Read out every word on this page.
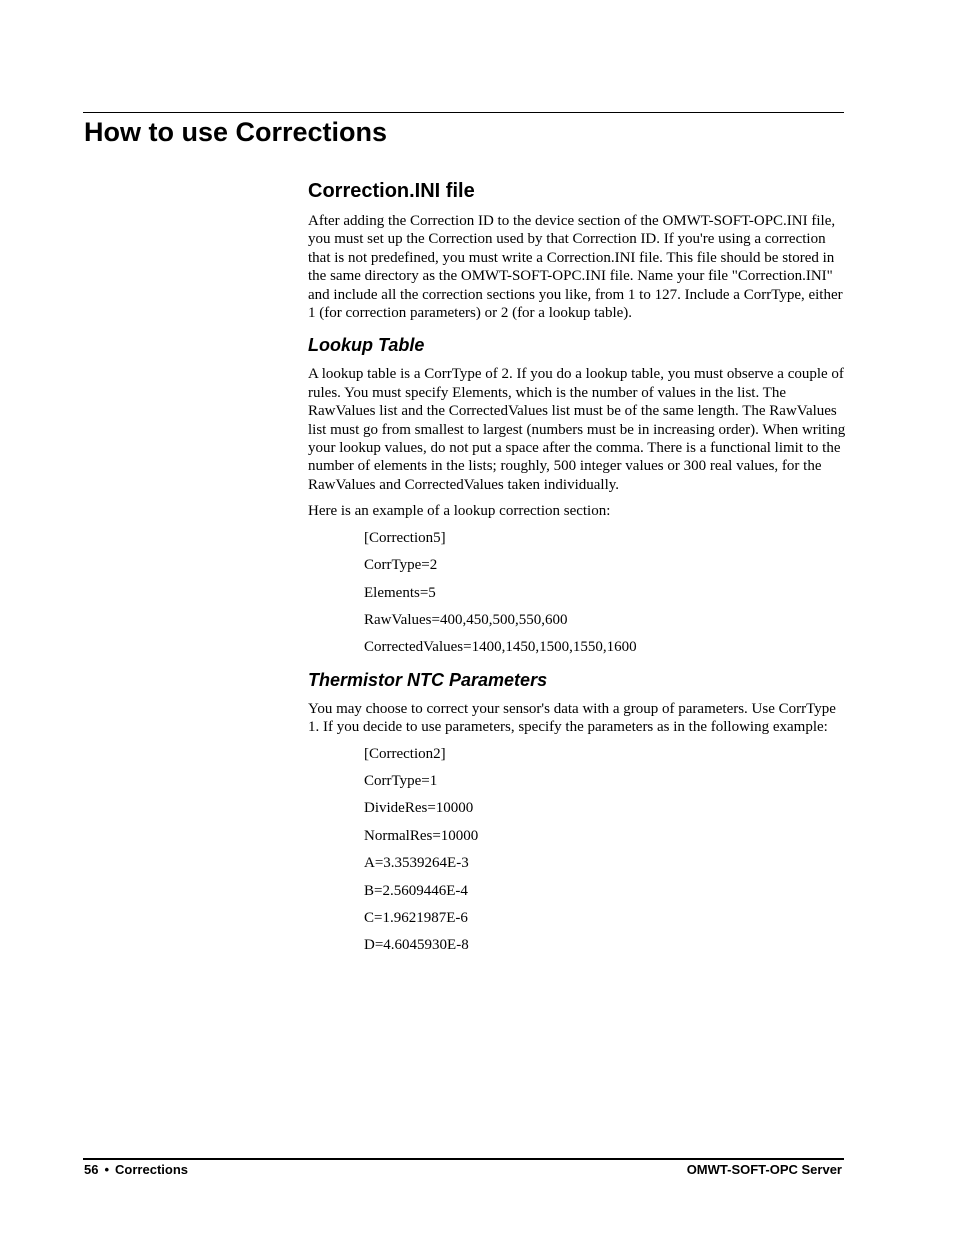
How to use Corrections
Correction.INI file

After adding the Correction ID to the device section of the OMWT-SOFT-OPC.INI file, you must set up the Correction used by that Correction ID. If you're using a correction that is not predefined, you must write a Correction.INI file. This file should be stored in the same directory as the OMWT-SOFT-OPC.INI file. Name your file "Correction.INI" and include all the correction sections you like, from 1 to 127. Include a CorrType, either 1 (for correction parameters) or 2 (for a lookup table).

Lookup Table

A lookup table is a CorrType of 2. If you do a lookup table, you must observe a couple of rules. You must specify Elements, which is the number of values in the list. The RawValues list and the CorrectedValues list must be of the same length. The RawValues list must go from smallest to largest (numbers must be in increasing order). When writing your lookup values, do not put a space after the comma. There is a functional limit to the number of elements in the lists; roughly, 500 integer values or 300 real values, for the RawValues and CorrectedValues taken individually.

Here is an example of a lookup correction section:

[Correction5]
CorrType=2
Elements=5
RawValues=400,450,500,550,600
CorrectedValues=1400,1450,1500,1550,1600
Thermistor NTC Parameters

You may choose to correct your sensor's data with a group of parameters. Use CorrType 1. If you decide to use parameters, specify the parameters as in the following example:

[Correction2]
CorrType=1
DivideRes=10000
NormalRes=10000
A=3.3539264E-3
B=2.5609446E-4
C=1.9621987E-6
D=4.6045930E-8
56 • Corrections	OMWT-SOFT-OPC Server
